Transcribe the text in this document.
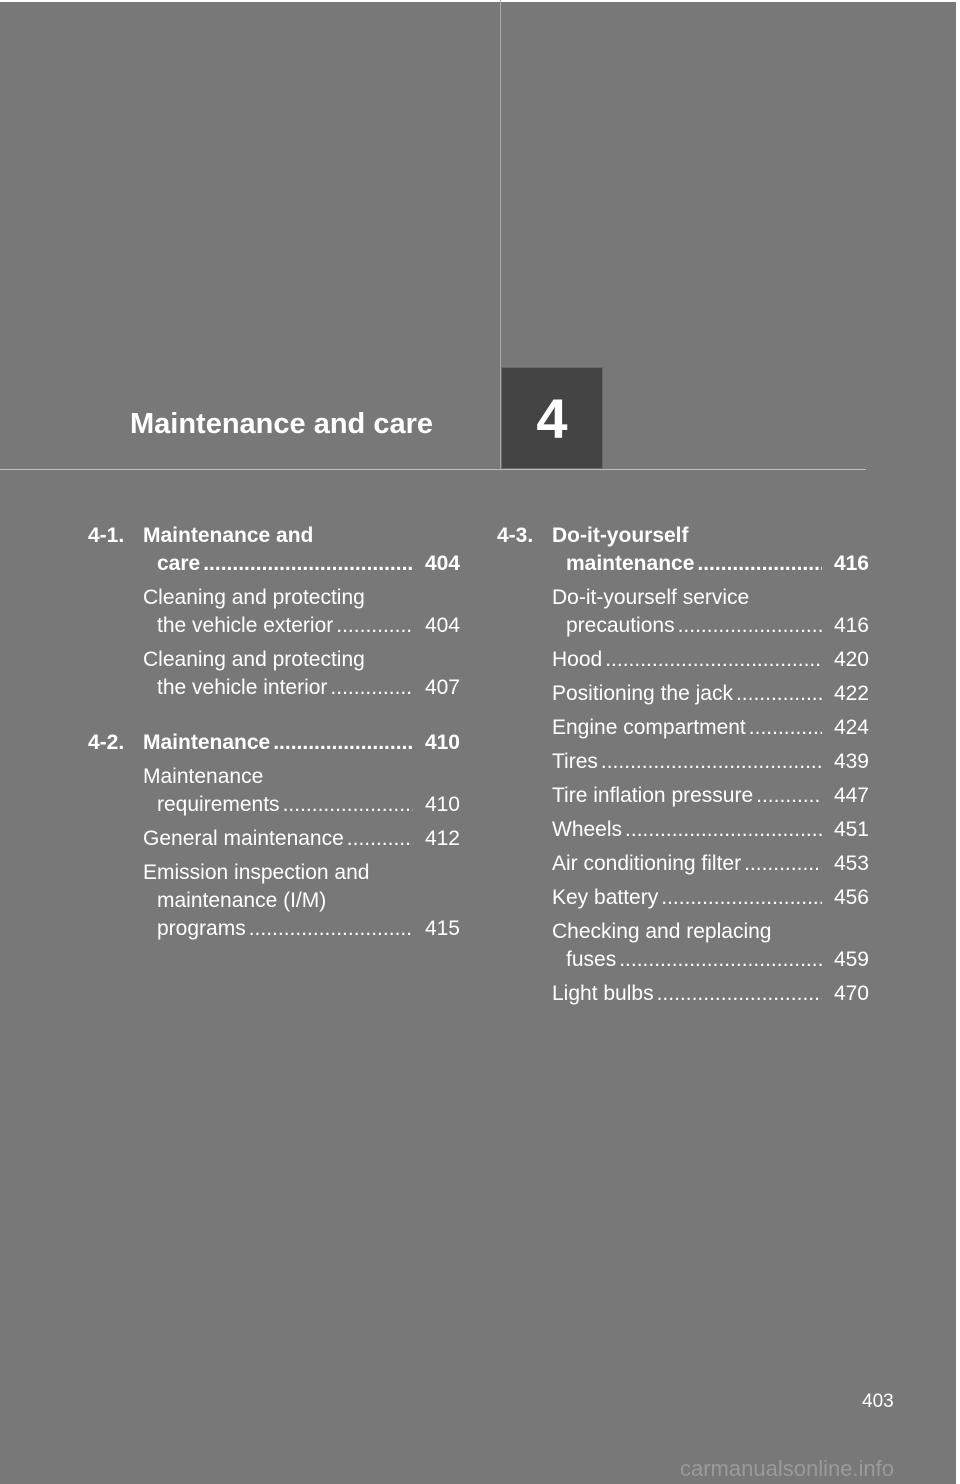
Maintenance and care 4
4-1. Maintenance and
care .....	404
Cleaning and protecting
the vehicle exterior .....	404
Cleaning and protecting
the vehicle interior .....	407
4-2. Maintenance .....	410
Maintenance
requirements .....	410
General maintenance .....	412
Emission inspection and
maintenance (I/M)
programs .....	415
4-3. Do-it-yourself
maintenance .....	416
Do-it-yourself service
precautions .....	416
Hood .....	420
Positioning the jack .....	422
Engine compartment .....	424
Tires .....	439
Tire inflation pressure .....	447
Wheels .....	451
Air conditioning filter .....	453
Key battery .....	456
Checking and replacing
fuses .....	459
Light bulbs .....	470
403
carmanualsonline.info
